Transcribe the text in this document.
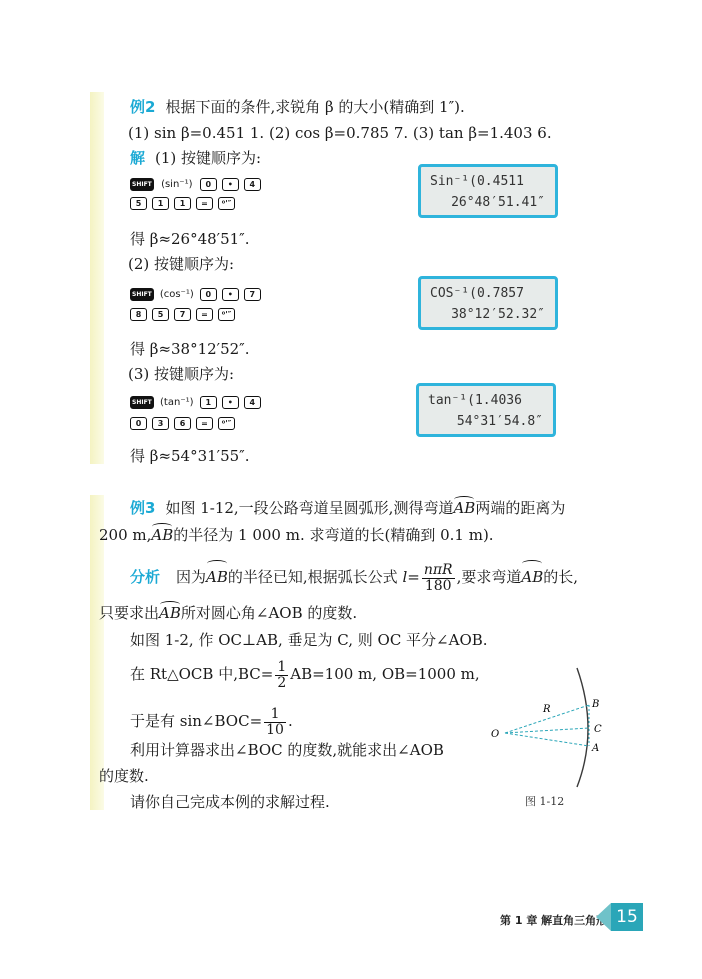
例2 根据下面的条件,求锐角 β 的大小(精确到 1″).
(1) sin β=0.451 1. (2) cos β=0.785 7. (3) tan β=1.403 6.
解 (1) 按键顺序为:
SHIFT (sin⁻¹)	0	•	4
5	1	1	=	⁰'″
Sin⁻¹(0.4511
26°48′51.41″
得 β≈26°48′51″.
(2) 按键顺序为:
SHIFT (cos⁻¹)	0	•	7
8	5	7	=	⁰'″
COS⁻¹(0.7857
38°12′52.32″
得 β≈38°12′52″.
(3) 按键顺序为:
SHIFT (tan⁻¹)	1	•	4
0	3	6	=	⁰'″
tan⁻¹(1.4036
54°31′54.8″
得 β≈54°31′55″.
例3 如图 1-12,一段公路弯道呈圆弧形,测得弯道AB两端的距离为
200 m,AB的半径为 1 000 m. 求弯道的长(精确到 0.1 m).
分析 因为AB的半径已知,根据弧长公式 $l= \frac{\text{nπR}}{180}$ ,要求弯道AB的长,
只要求出AB所对圆心角∠AOB 的度数.
如图 1-2, 作 OC⊥AB, 垂足为 C, 则 OC 平分∠AOB.
在 Rt△OCB 中$,BC= \frac{1}{2} AB=100$ m, OB=1000 m,
于是有 sin∠BOC= $\frac{1}{10}$ .
利用计算器求出∠BOC 的度数,就能求出∠AOB
的度数.
请你自己完成本例的求解过程.
O
R	B
C
A
图 1-12
第 1 章 解直角三角形 15
